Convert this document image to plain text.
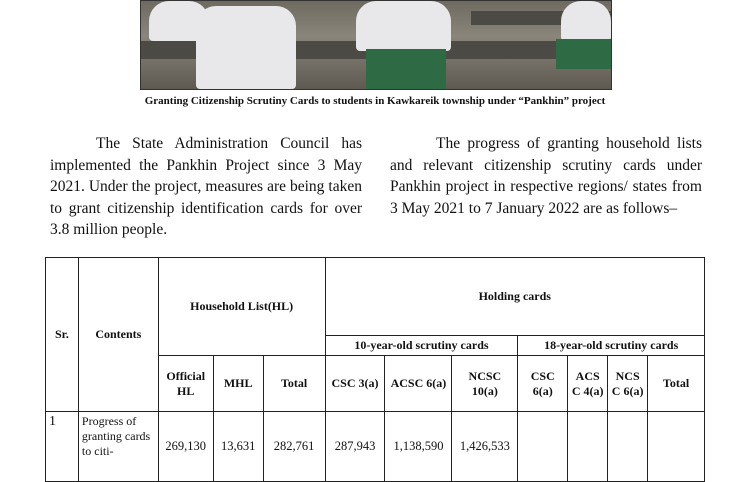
Granting Citizenship Scrutiny Cards to students in Kawkareik township under “Pankhin” project
The State Administration Council has implemented the Pankhin Project since 3 May 2021. Under the project, measures are being taken to grant citizenship identification cards for over 3.8 million people.
The progress of granting household lists and relevant citizenship scrutiny cards under Pankhin project in respective regions/ states from 3 May 2021 to 7 January 2022 are as follows–
Sr.	Contents	Household List(HL)			Holding cards						
					10-year-old scrutiny cards			18-year-old scrutiny cards			
		Official HL	MHL	Total	CSC 3(a)	ACSC 6(a)	NCSC 10(a)	CSC 6(a)	ACS C 4(a)	NCS C 6(a)	Total
1	Progress of granting cards to citi-	269,130	13,631	282,761	287,943	1,138,590	1,426,533				
